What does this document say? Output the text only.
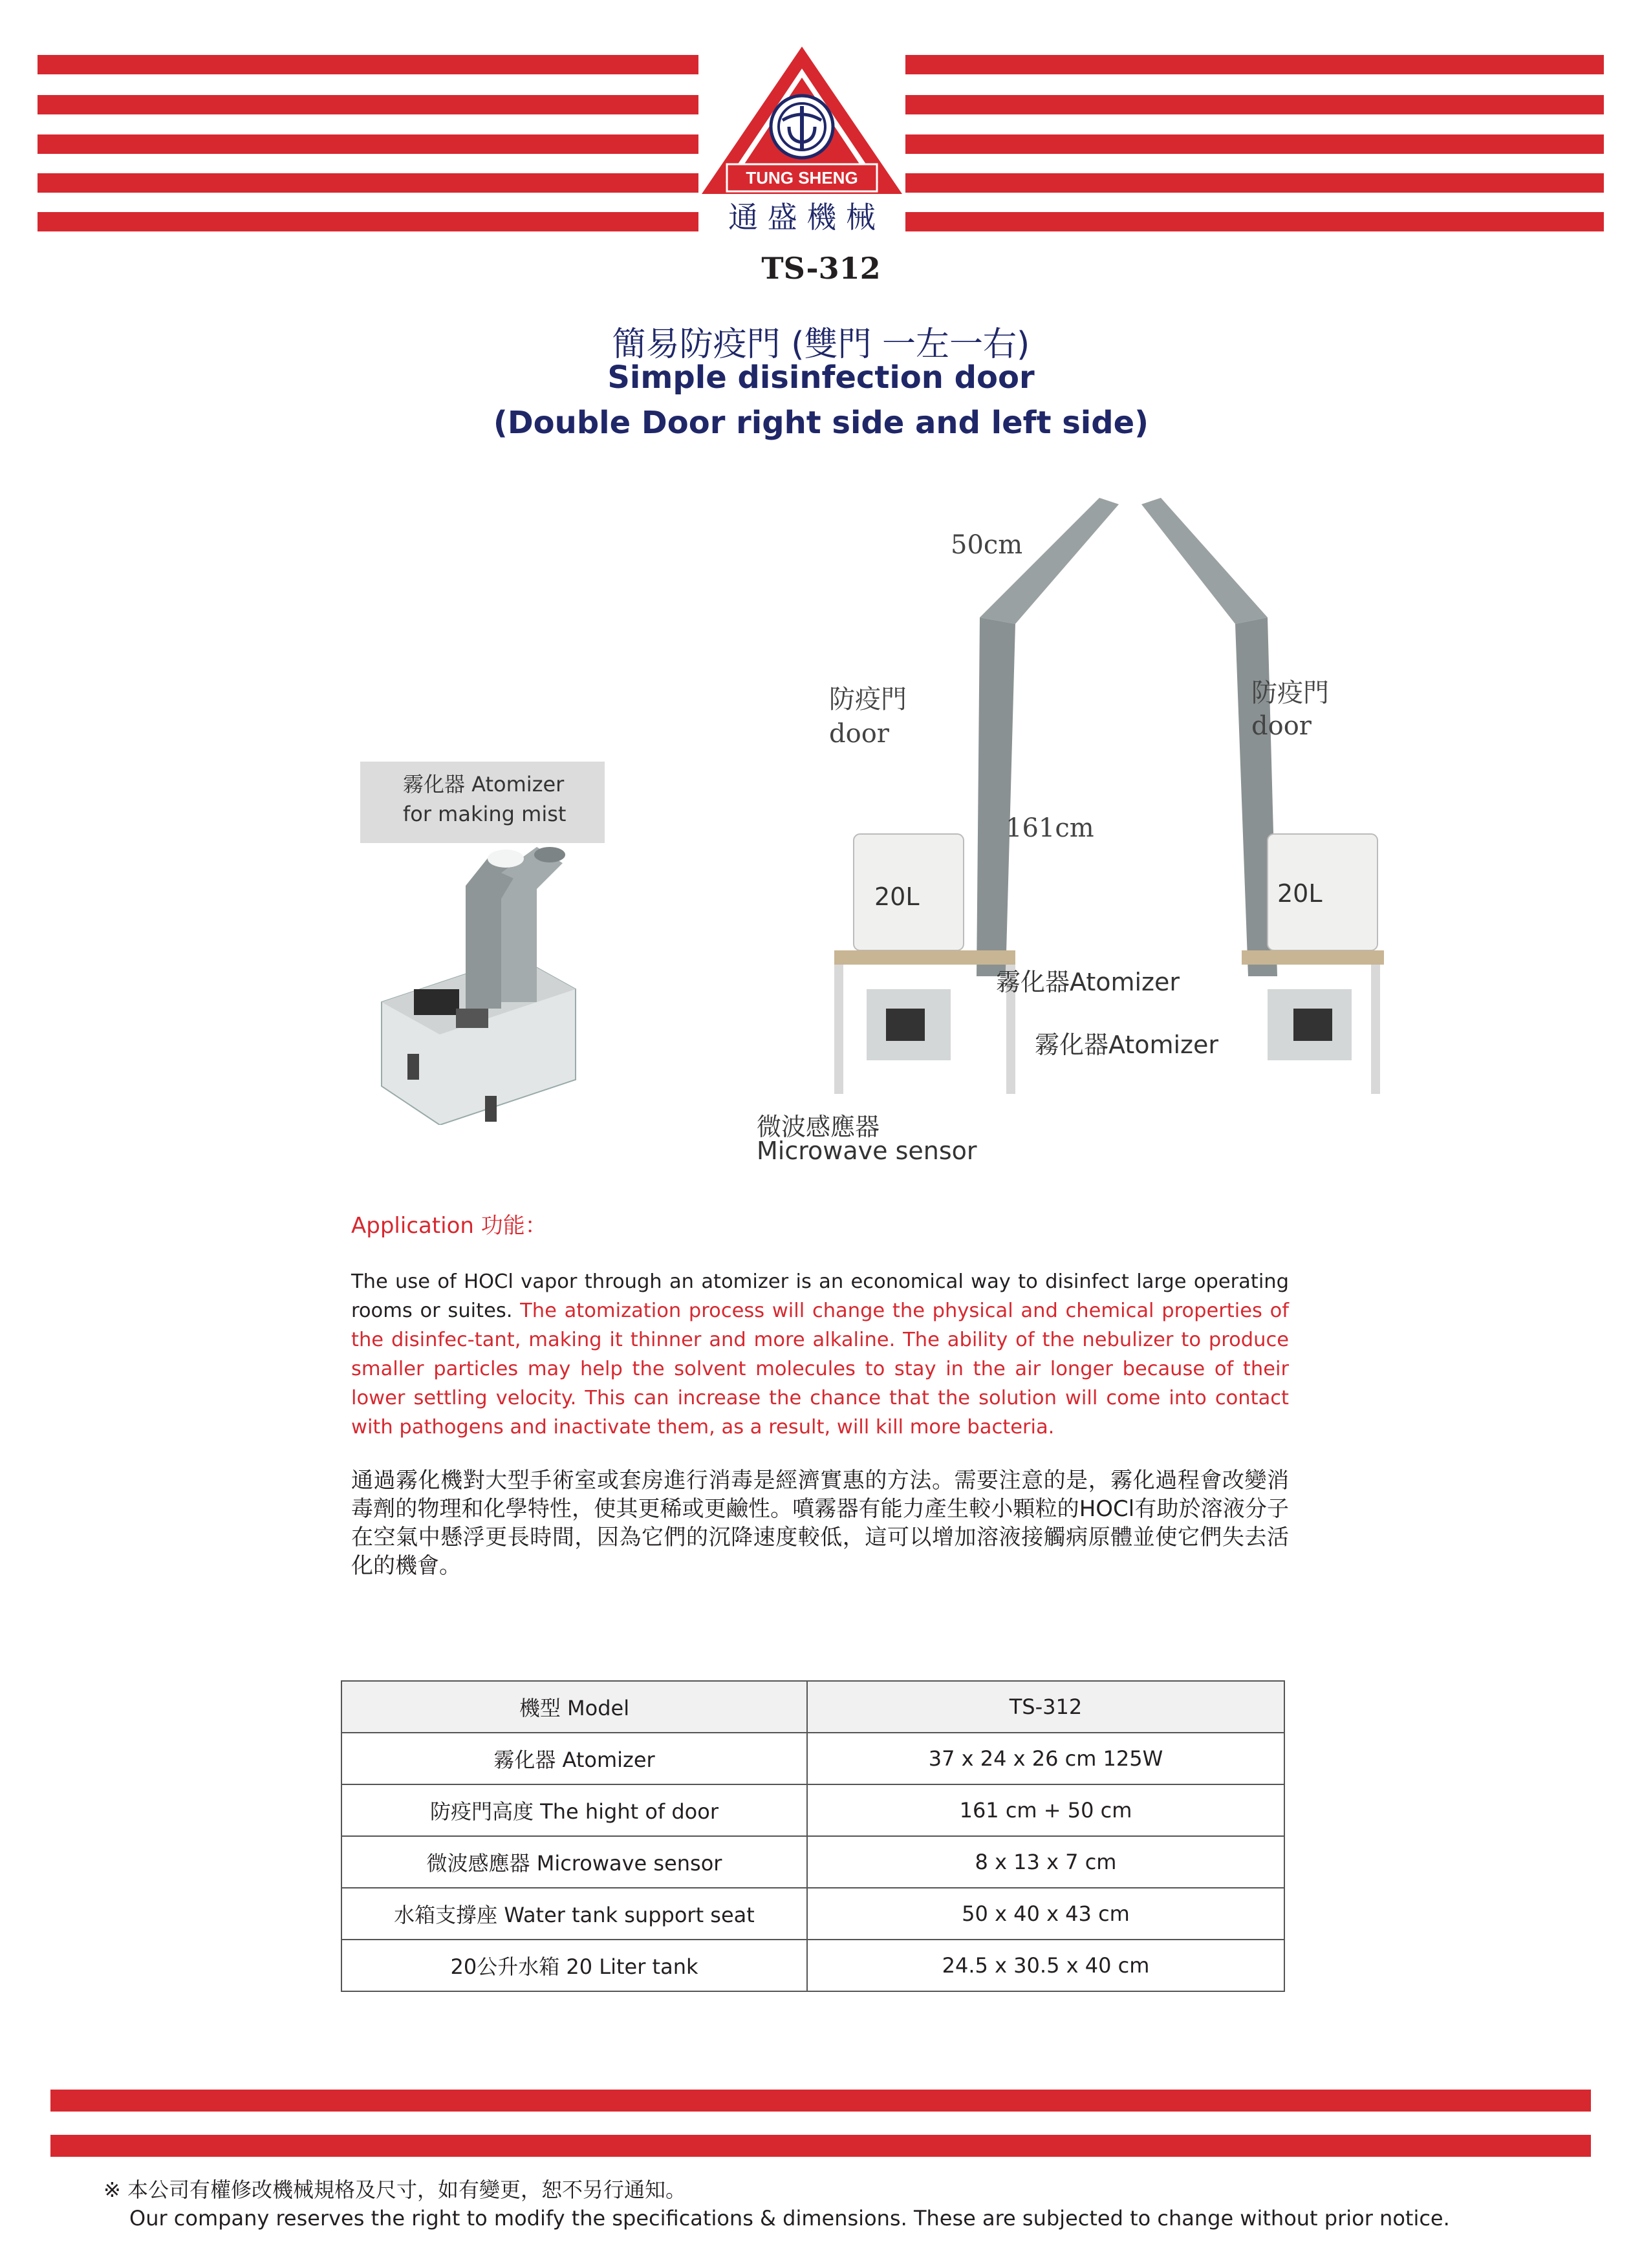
TUNG SHENG
通 盛 機 械
TS-312
簡易防疫門 (雙門 一左一右)
Simple disinfection door
(Double Door right side and left side)
霧化器 Atomizer
for making mist
50cm
防疫門
door
防疫門
door
161cm
20L	20L
霧化器Atomizer
霧化器Atomizer
微波感應器
Microwave sensor
Application 功能：
The use of HOCl vapor through an atomizer is an economical way to disinfect large operating rooms or suites. The atomization process will change the physical and chemical properties of the disinfec-tant, making it thinner and more alkaline. The ability of the nebulizer to produce smaller particles may help the solvent molecules to stay in the air longer because of their lower settling velocity. This can increase the chance that the solution will come into contact with pathogens and inactivate them, as a result, will kill more bacteria.
通過霧化機對大型手術室或套房進行消毒是經濟實惠的方法。需要注意的是，霧化過程會改變消毒劑的物理和化學特性，使其更稀或更鹼性。噴霧器有能力產生較小顆粒的HOCl有助於溶液分子在空氣中懸浮更長時間，因為它們的沉降速度較低，這可以增加溶液接觸病原體並使它們失去活化的機會。
機型 Model	TS-312
霧化器 Atomizer	37 x 24 x 26 cm 125W
防疫門高度 The hight of door	161 cm + 50 cm
微波感應器 Microwave sensor	8 x 13 x 7 cm
水箱支撐座 Water tank support seat	50 x 40 x 43 cm
20公升水箱 20 Liter tank	24.5 x 30.5 x 40 cm
※ 本公司有權修改機械規格及尺寸，如有變更，恕不另行通知。
Our company reserves the right to modify the specifications & dimensions. These are subjected to change without prior notice.
